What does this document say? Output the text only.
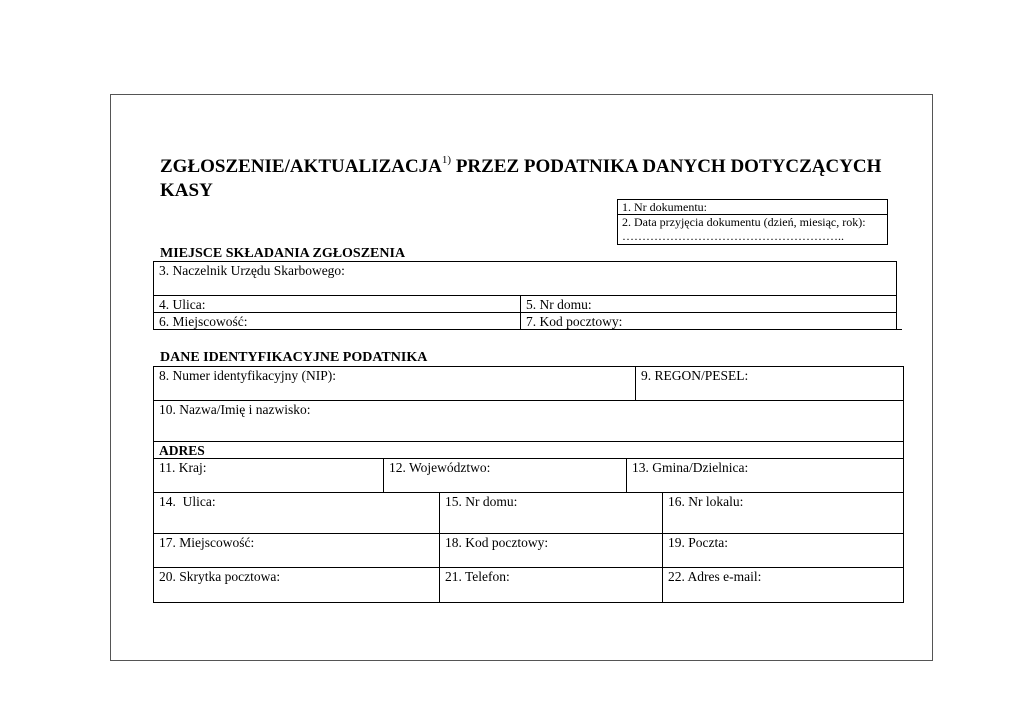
ZGŁOSZENIE/AKTUALIZACJA$^{1)}$ PRZEZ PODATNIKA DANYCH DOTYCZĄCYCH KASY
1. Nr dokumentu:
2. Data przyjęcia dokumentu (dzień, miesiąc, rok):
………………………………………………..
MIEJSCE SKŁADANIA ZGŁOSZENIA
3. Naczelnik Urzędu Skarbowego:
4. Ulica:	5. Nr domu:
6. Miejscowość:	7. Kod pocztowy:
DANE IDENTYFIKACYJNE PODATNIKA
8. Numer identyfikacyjny (NIP):	9. REGON/PESEL:
10. Nazwa/Imię i nazwisko:
ADRES
11. Kraj:	12. Województwo:	13. Gmina/Dzielnica:
14.  Ulica:	15. Nr domu:	16. Nr lokalu:
17. Miejscowość:	18. Kod pocztowy:	19. Poczta:
20. Skrytka pocztowa:	21. Telefon:	22. Adres e-mail:
